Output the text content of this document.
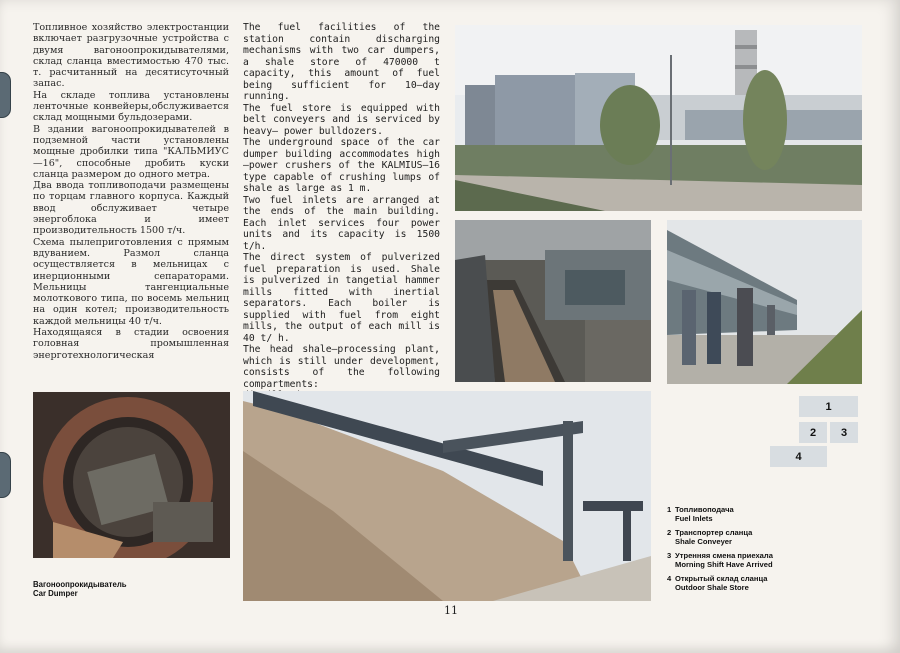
Топливное хозяйство электростанции включает разгрузочные устройства с двумя вагоноопрокидывателями, склад сланца вместимостью 470 тыс. т. расчитанный на десятисуточный запас.

На складе топлива установлены ленточные конвейеры,обслуживается склад мощными бульдозерами.

В здании вагоноопрокидывателей в подземной части установлены мощные дробилки типа "КАЛЬМИУС—16", способные дробить куски сланца размером до одного метра.

Два ввода топливоподачи размещены по торцам главного корпуса. Каждый ввод обслуживает четыре энергоблока и имеет производительность 1500 т/ч.

Схема пылеприготовления с прямым вдуванием. Размол сланца осуществляется в мельницах с инерционными сепараторами. Мельницы тангенциальные молоткового типа, по восемь мельниц на один котел; производительность каждой мельницы 40 т/ч.

Находящаяся в стадии освоения головная промышленная энерготехнологическая

The fuel facilities of the station contain discharging mechanisms with two car dumpers, a shale store of 470000 t capacity, this amount of fuel being sufficient for 10—day running.

The fuel store is equipped with belt conveyers and is serviced by heavy— power bulldozers.

The underground space of the car dumper building accommodates high—power crushers of the KALMIUS—16 type capable of crushing lumps of shale as large as 1 m.

Two fuel inlets are arranged at the ends of the main building. Each inlet services four power units and its capacity is 1500 t/h.

The direct system of pulverized fuel preparation is used. Shale is pulverized in tangetial hammer mills fitted with inertial separators. Each boiler is supplied with fuel from eight mills, the output of each mill is 40 t/ h.

The head shale—processing plant, which is still under development, consists of the following compartments:

1
2	3
4
1 Топливоподача
Fuel Inlets
2 Транспортер сланца
Shale Conveyer
3 Утренняя смена приехала
Morning Shift Have Arrived
4 Открытый склад сланца
Outdoor Shale Store
Вагоноопрокидыватель
Car Dumper
11
